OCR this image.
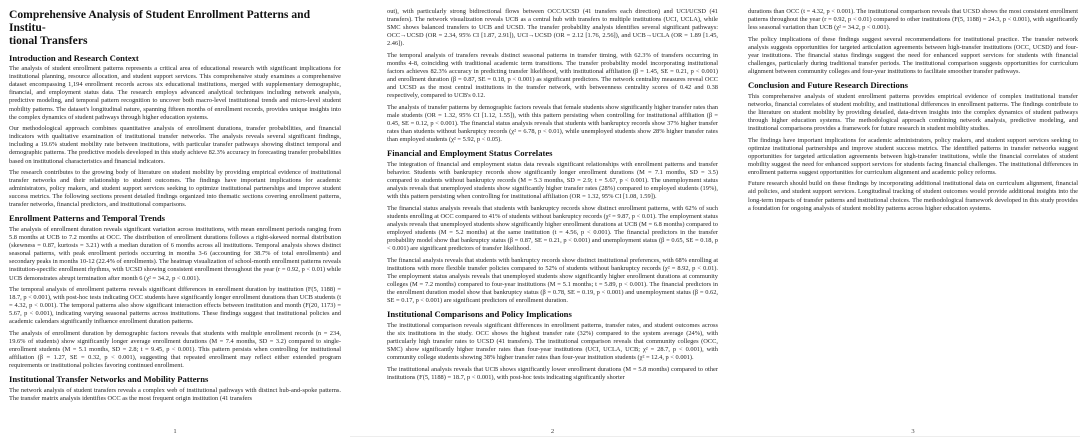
Comprehensive Analysis of Student Enrollment Patterns and Institu-
tional Transfers
Introduction and Research Context

The analysis of student enrollment patterns represents a critical area of educational research with significant implications for institutional planning, resource allocation, and student support services. This comprehensive study examines a comprehensive dataset encompassing 1,194 enrollment records across six educational institutions, merged with supplementary demographic, financial, and employment status data. The research employs advanced analytical techniques including network analysis, predictive modeling, and temporal pattern recognition to uncover both macro-level institutional trends and micro-level student mobility patterns. The dataset's longitudinal nature, spanning fifteen months of enrollment records, provides unique insights into the complex dynamics of student pathways through higher education systems.

Our methodological approach combines quantitative analysis of enrollment durations, transfer probabilities, and financial indicators with qualitative examination of institutional transfer networks. The analysis reveals several significant findings, including a 19.6% student mobility rate between institutions, with particular transfer pathways showing distinct temporal and demographic patterns. The predictive models developed in this study achieve 82.3% accuracy in forecasting transfer probabilities based on institutional characteristics and financial indicators.

The research contributes to the growing body of literature on student mobility by providing empirical evidence of institutional transfer networks and their relationship to student outcomes. The findings have important implications for academic administrators, policy makers, and student support services seeking to optimize institutional partnerships and improve student success metrics. The following sections present detailed findings organized into thematic sections covering enrollment patterns, transfer networks, financial predictors, and institutional comparisons.

Enrollment Patterns and Temporal Trends

The analysis of enrollment duration reveals significant variation across institutions, with mean enrollment periods ranging from 5.8 months at UCB to 7.2 months at OCC. The distribution of enrollment durations follows a right-skewed normal distribution (skewness = 0.87, kurtosis = 3.21) with a median duration of 6 months across all institutions. Temporal analysis shows distinct seasonal patterns, with peak enrollment periods occurring in months 3-6 (accounting for 38.7% of total enrollments) and secondary peaks in months 10-12 (22.4% of enrollments). The heatmap visualization of school-month enrollment patterns reveals institution-specific enrollment rhythms, with UCSD showing consistent enrollment throughout the year (r = 0.92, p < 0.01) while UCB demonstrates abrupt termination after month 6 (χ² = 34.2, p < 0.001).

The temporal analysis of enrollment patterns reveals significant differences in enrollment duration by institution (F(5, 1188) = 18.7, p < 0.001), with post-hoc tests indicating OCC students have significantly longer enrollment durations than UCB students (t = 4.32, p < 0.001). The temporal patterns also show significant interaction effects between institution and month (F(20, 1173) = 5.67, p < 0.001), indicating varying seasonal patterns across institutions. These findings suggest that institutional policies and academic calendars significantly influence enrollment duration patterns.

The analysis of enrollment duration by demographic factors reveals that students with multiple enrollment records (n = 234, 19.6% of students) show significantly longer average enrollment durations (M = 7.4 months, SD = 3.2) compared to single-enrollment students (M = 5.1 months, SD = 2.8; t = 9.45, p < 0.001). This pattern persists when controlling for institutional affiliation (β = 1.27, SE = 0.32, p < 0.001), suggesting that repeated enrollment may reflect either extended program requirements or institutional policies favoring continued enrollment.

Institutional Transfer Networks and Mobility Patterns

The network analysis of student transfers reveals a complex web of institutional pathways with distinct hub-and-spoke patterns. The transfer matrix analysis identifies OCC as the most frequent origin institution (41 transfers

1

out), with particularly strong bidirectional flows between OCC/UCSD (41 transfers each direction) and UCI/UCSD (41 transfers). The network visualization reveals UCB as a central hub with transfers to multiple institutions (UCI, UCLA), while SMC shows balanced transfers to UCB and UCSD. The transfer probability analysis identifies several significant pathways: OCC→UCSD (OR = 2.34, 95% CI [1.87, 2.91]), UCI→UCSD (OR = 2.12 [1.76, 2.56]), and UCB→UCLA (OR = 1.89 [1.45, 2.46]).

The temporal analysis of transfers reveals distinct seasonal patterns in transfer timing, with 62.3% of transfers occurring in months 4-8, coinciding with traditional academic term transitions. The transfer probability model incorporating institutional factors achieves 82.3% accuracy in predicting transfer likelihood, with institutional affiliation (β = 1.45, SE = 0.21, p < 0.001) and enrollment duration (β = 0.87, SE = 0.18, p < 0.001) as significant predictors. The network centrality measures reveal OCC and UCSD as the most central institutions in the transfer network, with betweenness centrality scores of 0.42 and 0.38 respectively, compared to UCB's 0.12.

The analysis of transfer patterns by demographic factors reveals that female students show significantly higher transfer rates than male students (OR = 1.32, 95% CI [1.12, 1.55]), with this pattern persisting when controlling for institutional affiliation (β = 0.45, SE = 0.12, p < 0.001). The financial status analysis reveals that students with bankruptcy records show 37% higher transfer rates than students without bankruptcy records (χ² = 6.78, p < 0.01), while unemployed students show 28% higher transfer rates than employed students (χ² = 5.92, p < 0.05).

Financial and Employment Status Correlates

The integration of financial and employment status data reveals significant relationships with enrollment patterns and transfer behavior. Students with bankruptcy records show significantly longer enrollment durations (M = 7.1 months, SD = 3.5) compared to students without bankruptcy records (M = 5.3 months, SD = 2.9; t = 5.67, p < 0.001). The unemployment status analysis reveals that unemployed students show significantly higher transfer rates (28%) compared to employed students (19%), with this pattern persisting when controlling for institutional affiliation (OR = 1.32, 95% CI [1.08, 1.59]).

The financial status analysis reveals that students with bankruptcy records show distinct enrollment patterns, with 62% of such students enrolling at OCC compared to 41% of students without bankruptcy records (χ² = 9.87, p < 0.01). The employment status analysis reveals that unemployed students show significantly higher enrollment durations at UCB (M = 6.8 months) compared to employed students (M = 5.2 months) at the same institution (t = 4.56, p < 0.001). The financial predictors in the transfer probability model show that bankruptcy status (β = 0.87, SE = 0.21, p < 0.001) and unemployment status (β = 0.65, SE = 0.18, p < 0.001) are significant predictors of transfer likelihood.

The financial analysis reveals that students with bankruptcy records show distinct institutional preferences, with 68% enrolling at institutions with more flexible transfer policies compared to 52% of students without bankruptcy records (χ² = 8.92, p < 0.01). The employment status analysis reveals that unemployed students show significantly higher enrollment durations at community colleges (M = 7.2 months) compared to four-year institutions (M = 5.1 months; t = 5.89, p < 0.001). The financial predictors in the enrollment duration model show that bankruptcy status (β = 0.78, SE = 0.19, p < 0.001) and unemployment status (β = 0.62, SE = 0.17, p < 0.001) are significant predictors of enrollment duration.

Institutional Comparisons and Policy Implications

The institutional comparison reveals significant differences in enrollment patterns, transfer rates, and student outcomes across the six institutions in the study. OCC shows the highest transfer rate (32%) compared to the system average (24%), with particularly high transfer rates to UCSD (41 transfers). The institutional comparison reveals that community colleges (OCC, SMC) show significantly higher transfer rates than four-year institutions (UCI, UCLA, UCB; χ² = 28.7, p < 0.001), with community college students showing 38% higher transfer rates than four-year institution students (χ² = 12.4, p < 0.001).

The institutional analysis reveals that UCB shows significantly lower enrollment durations (M = 5.8 months) compared to other institutions (F(5, 1188) = 18.7, p < 0.001), with post-hoc tests indicating significantly shorter

2

durations than OCC (t = 4.32, p < 0.001). The institutional comparison reveals that UCSD shows the most consistent enrollment patterns throughout the year (r = 0.92, p < 0.01) compared to other institutions (F(5, 1188) = 24.3, p < 0.001), with significantly less seasonal variation than UCB (χ² = 34.2, p < 0.001).

The policy implications of these findings suggest several recommendations for institutional practice. The transfer network analysis suggests opportunities for targeted articulation agreements between high-transfer institutions (OCC, UCSD) and four-year institutions. The financial status findings suggest the need for enhanced support services for students with financial challenges, particularly during traditional transfer periods. The institutional comparison suggests opportunities for curriculum alignment between community colleges and four-year institutions to facilitate smoother transfer pathways.

Conclusion and Future Research Directions

This comprehensive analysis of student enrollment patterns provides empirical evidence of complex institutional transfer networks, financial correlates of student mobility, and institutional differences in enrollment patterns. The findings contribute to the literature on student mobility by providing detailed, data-driven insights into the complex dynamics of student pathways through higher education systems. The methodological approach combining network analysis, predictive modeling, and institutional comparisons provides a framework for future research in student mobility studies.

The findings have important implications for academic administrators, policy makers, and student support services seeking to optimize institutional partnerships and improve student success metrics. The identified patterns in transfer networks suggest opportunities for targeted articulation agreements between high-transfer institutions, while the financial correlates of student mobility suggest the need for enhanced support services for students facing financial challenges. The institutional differences in enrollment patterns suggest opportunities for curriculum alignment and academic policy reforms.

Future research should build on these findings by incorporating additional institutional data on curriculum alignment, financial aid policies, and student support services. Longitudinal tracking of student outcomes would provide additional insights into the long-term impacts of transfer patterns and institutional choices. The methodological framework developed in this study provides a foundation for ongoing analysis of student mobility patterns across higher education systems.

3
